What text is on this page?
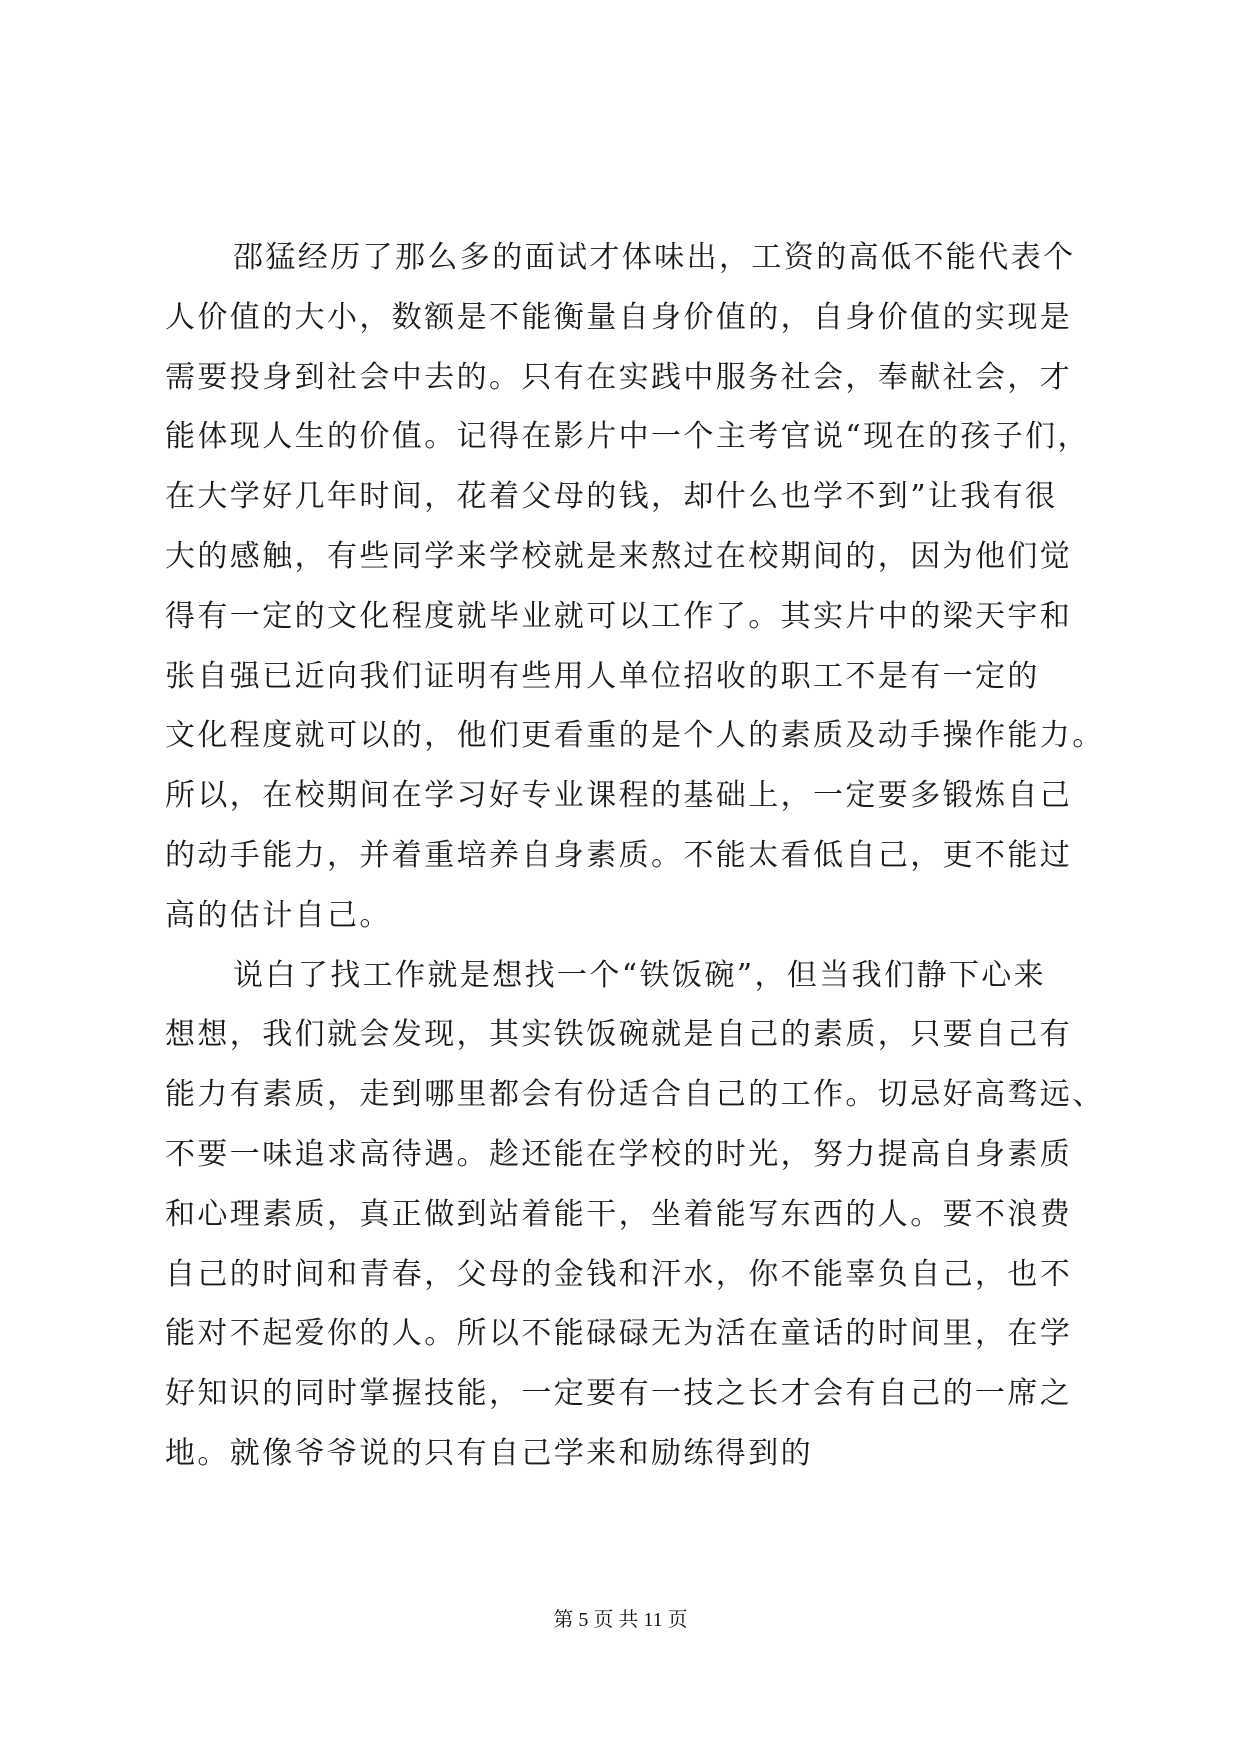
邵猛经历了那么多的面试才体味出，工资的高低不能代表个
人价值的大小，数额是不能衡量自身价值的，自身价值的实现是
需要投身到社会中去的。只有在实践中服务社会，奉献社会，才
能体现人生的价值。记得在影片中一个主考官说“现在的孩子们，
在大学好几年时间，花着父母的钱，却什么也学不到”让我有很
大的感触，有些同学来学校就是来熬过在校期间的，因为他们觉
得有一定的文化程度就毕业就可以工作了。其实片中的梁天宇和
张自强已近向我们证明有些用人单位招收的职工不是有一定的
文化程度就可以的，他们更看重的是个人的素质及动手操作能力。
所以，在校期间在学习好专业课程的基础上，一定要多锻炼自己
的动手能力，并着重培养自身素质。不能太看低自己，更不能过
高的估计自己。
说白了找工作就是想找一个“铁饭碗”，但当我们静下心来
想想，我们就会发现，其实铁饭碗就是自己的素质，只要自己有
能力有素质，走到哪里都会有份适合自己的工作。切忌好高骛远、
不要一味追求高待遇。趁还能在学校的时光，努力提高自身素质
和心理素质，真正做到站着能干，坐着能写东西的人。要不浪费
自己的时间和青春，父母的金钱和汗水，你不能辜负自己，也不
能对不起爱你的人。所以不能碌碌无为活在童话的时间里，在学
好知识的同时掌握技能，一定要有一技之长才会有自己的一席之
地。就像爷爷说的只有自己学来和励练得到的
第 5 页 共 11 页
